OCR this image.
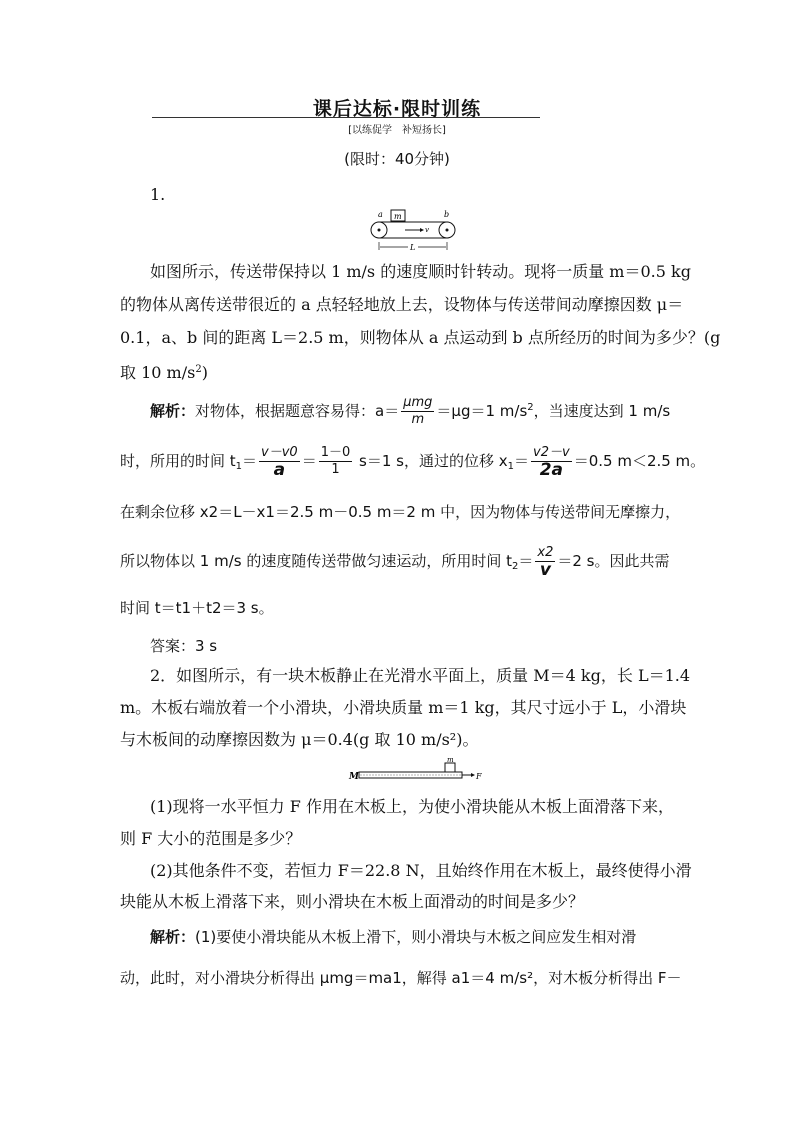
课后达标·限时训练
[以练促学　补短扬长]
(限时：40分钟)
1.
m
a	b
v
L
如图所示，传送带保持以 1 m/s 的速度顺时针转动。现将一质量 m＝0.5 kg
的物体从离传送带很近的 a 点轻轻地放上去，设物体与传送带间动摩擦因数 μ＝
0.1，a、b 间的距离 L＝2.5 m，则物体从 a 点运动到 b 点所经历的时间为多少？(g
取 10 $m/s^2$)
解析：对物体，根据题意容易得：$a= \frac{\text{μmg}}{m} =\mu g=1$ $m/s^2$，当速度达到 1 m/s
时，所用的时间 $t_1= \frac{v-v0}{a} = \frac{1-0}{1} s=1$ s，通过的位移 $x_1= \frac{v2-v}{2a} =0.5$ m＜2.5 m。
在剩余位移 x2＝L－x1＝2.5 m－0.5 m＝2 m 中，因为物体与传送带间无摩擦力，
所以物体以 1 m/s 的速度随传送带做匀速运动，所用时间 $t_2= \frac{x2}{v} =2$ s。因此共需
时间 t＝t1＋t2＝3 s。
答案：3 s
2．如图所示，有一块木板静止在光滑水平面上，质量 M＝4 kg，长 L＝1.4
m。木板右端放着一个小滑块，小滑块质量 m＝1 kg，其尺寸远小于 L，小滑块
与木板间的动摩擦因数为 μ＝0.4(g 取 10 m/s²)。
M
m
F
(1)现将一水平恒力 F 作用在木板上，为使小滑块能从木板上面滑落下来，
则 F 大小的范围是多少？
(2)其他条件不变，若恒力 F＝22.8 N，且始终作用在木板上，最终使得小滑
块能从木板上滑落下来，则小滑块在木板上面滑动的时间是多少？
解析：(1)要使小滑块能从木板上滑下，则小滑块与木板之间应发生相对滑
动，此时，对小滑块分析得出 μmg＝ma1，解得 a1＝4 m/s²，对木板分析得出 F－
